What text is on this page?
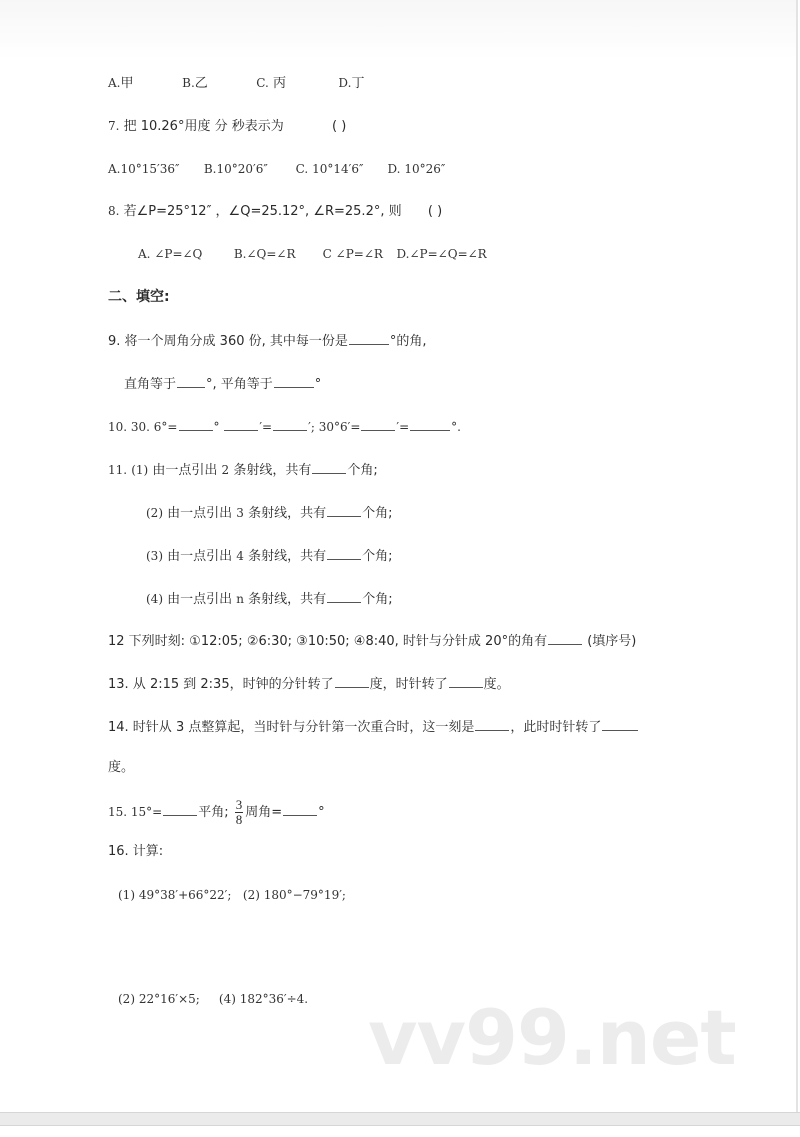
A.甲	B.乙	C. 丙	D.丁
7. 把 10.26°用度 分 秒表示为	( )
A.10°15′36″ B.10°20′6″ C. 10°14′6″ D. 10°26″
8. 若∠P=25°12″ ，∠Q=25.12°, ∠R=25.2°, 则 ( )
A. ∠P=∠Q	B.∠Q=∠R C ∠P=∠R D.∠P=∠Q=∠R
二、填空:
9. 将一个周角分成 360 份, 其中每一份是	°的角,
直角等于 °, 平角等于	°
10. 30. 6°=	°	′=	′; 30°6′=	′=	°.
11. (1) 由一点引出 2 条射线，共有	个角;
(2) 由一点引出 3 条射线，共有	个角;
(3) 由一点引出 4 条射线，共有	个角;
(4) 由一点引出 n 条射线，共有	个角;
12 下列时刻: ①12:05; ②6:30; ③10:50; ④8:40, 时针与分针成 20°的角有	(填序号)
13. 从 2:15 到 2:35，时钟的分针转了	度，时针转了	度。
14. 时针从 3 点整算起，当时针与分针第一次重合时，这一刻是	，此时时针转了
度。
15. 15°=	平角; $\frac{3}{8}$ 周角=	°
16. 计算:
(1) 49°38′+66°22′; (2) 180°−79°19′;
(2) 22°16′×5; (4) 182°36′÷4. vv99.net
